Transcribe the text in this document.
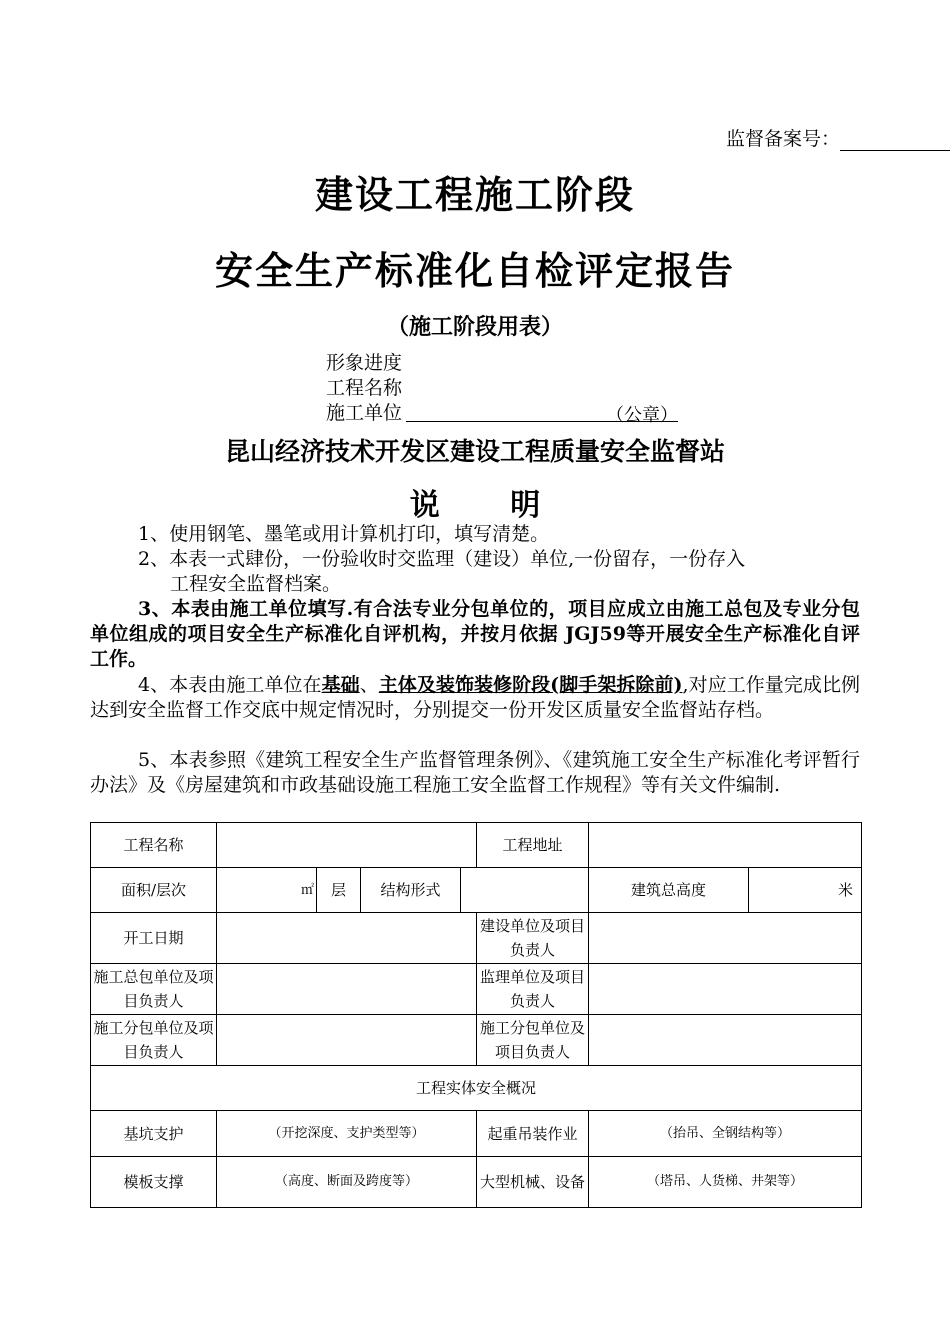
监督备案号：
建设工程施工阶段
安全生产标准化自检评定报告
（施工阶段用表）
形象进度
工程名称
施工单位	（公章）
昆山经济技术开发区建设工程质量安全监督站
说 明
1、使用钢笔、墨笔或用计算机打印，填写清楚。
2、本表一式肆份，一份验收时交监理（建设）单位,一份留存，一份存入
工程安全监督档案。
3、本表由施工单位填写.有合法专业分包单位的，项目应成立由施工总包及专业分包单位组成的项目安全生产标准化自评机构，并按月依据 JGJ59等开展安全生产标准化自评工作。
4、本表由施工单位在基础、主体及装饰装修阶段(脚手架拆除前),对应工作量完成比例达到安全监督工作交底中规定情况时，分别提交一份开发区质量安全监督站存档。
5、本表参照《建筑工程安全生产监督管理条例》、《建筑施工安全生产标准化考评暂行办法》及《房屋建筑和市政基础设施工程施工安全监督工作规程》等有关文件编制.
工程名称					工程地址		
面积/层次	㎡	层	结构形式			建筑总高度	米
开工日期					建设单位及项目负责人		
施工总包单位及项目负责人					监理单位及项目负责人		
施工分包单位及项目负责人					施工分包单位及项目负责人		
工程实体安全概况							
基坑支护	（开挖深度、支护类型等）				起重吊装作业	（抬吊、全钢结构等）	
模板支撑	（高度、断面及跨度等）				大型机械、设备	（塔吊、人货梯、井架等）	
